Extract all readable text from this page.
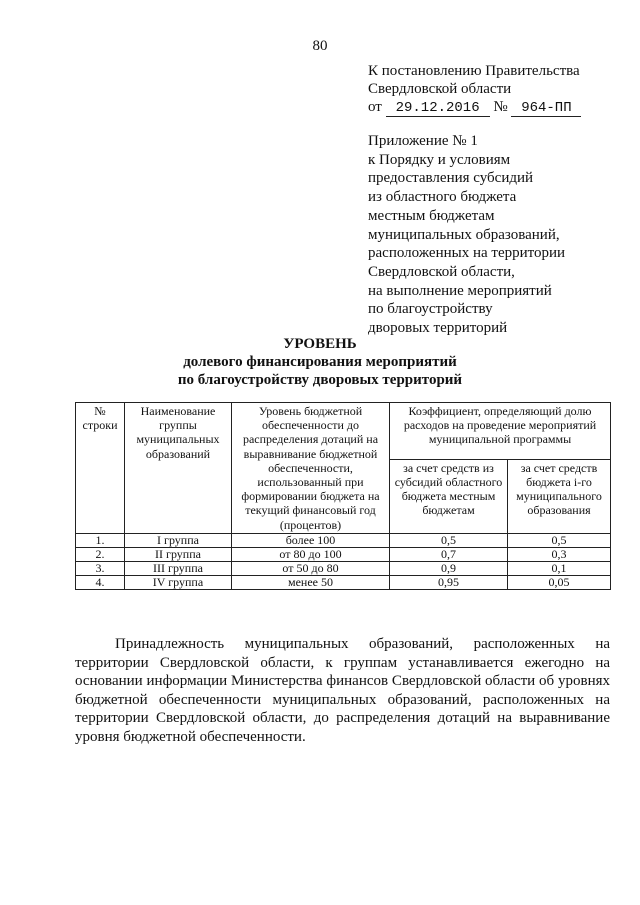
80
К постановлению Правительства
Свердловской области
от 29.12.2016 № 964-ПП
Приложение № 1
к Порядку и условиям
предоставления субсидий
из областного бюджета
местным бюджетам
муниципальных образований,
расположенных на территории
Свердловской области,
на выполнение мероприятий
по благоустройству
дворовых территорий
УРОВЕНЬ
долевого финансирования мероприятий
по благоустройству дворовых территорий
№ строки	Наименование группы муниципальных образований	Уровень бюджетной обеспеченности до распределения дотаций на выравнивание бюджетной обеспеченности, использованный при формировании бюджета на текущий финансовый год (процентов)	Коэффициент, определяющий долю расходов на проведение мероприятий муниципальной программы	
			за счет средств из субсидий областного бюджета местным бюджетам	за счет средств бюджета i-го муниципального образования
1.	I группа	более 100	0,5	0,5
2.	II группа	от 80 до 100	0,7	0,3
3.	III группа	от 50 до 80	0,9	0,1
4.	IV группа	менее 50	0,95	0,05
Принадлежность муниципальных образований, расположенных на территории Свердловской области, к группам устанавливается ежегодно на основании информации Министерства финансов Свердловской области об уровнях бюджетной обеспеченности муниципальных образований, расположенных на территории Свердловской области, до распределения дотаций на выравнивание уровня бюджетной обеспеченности.
